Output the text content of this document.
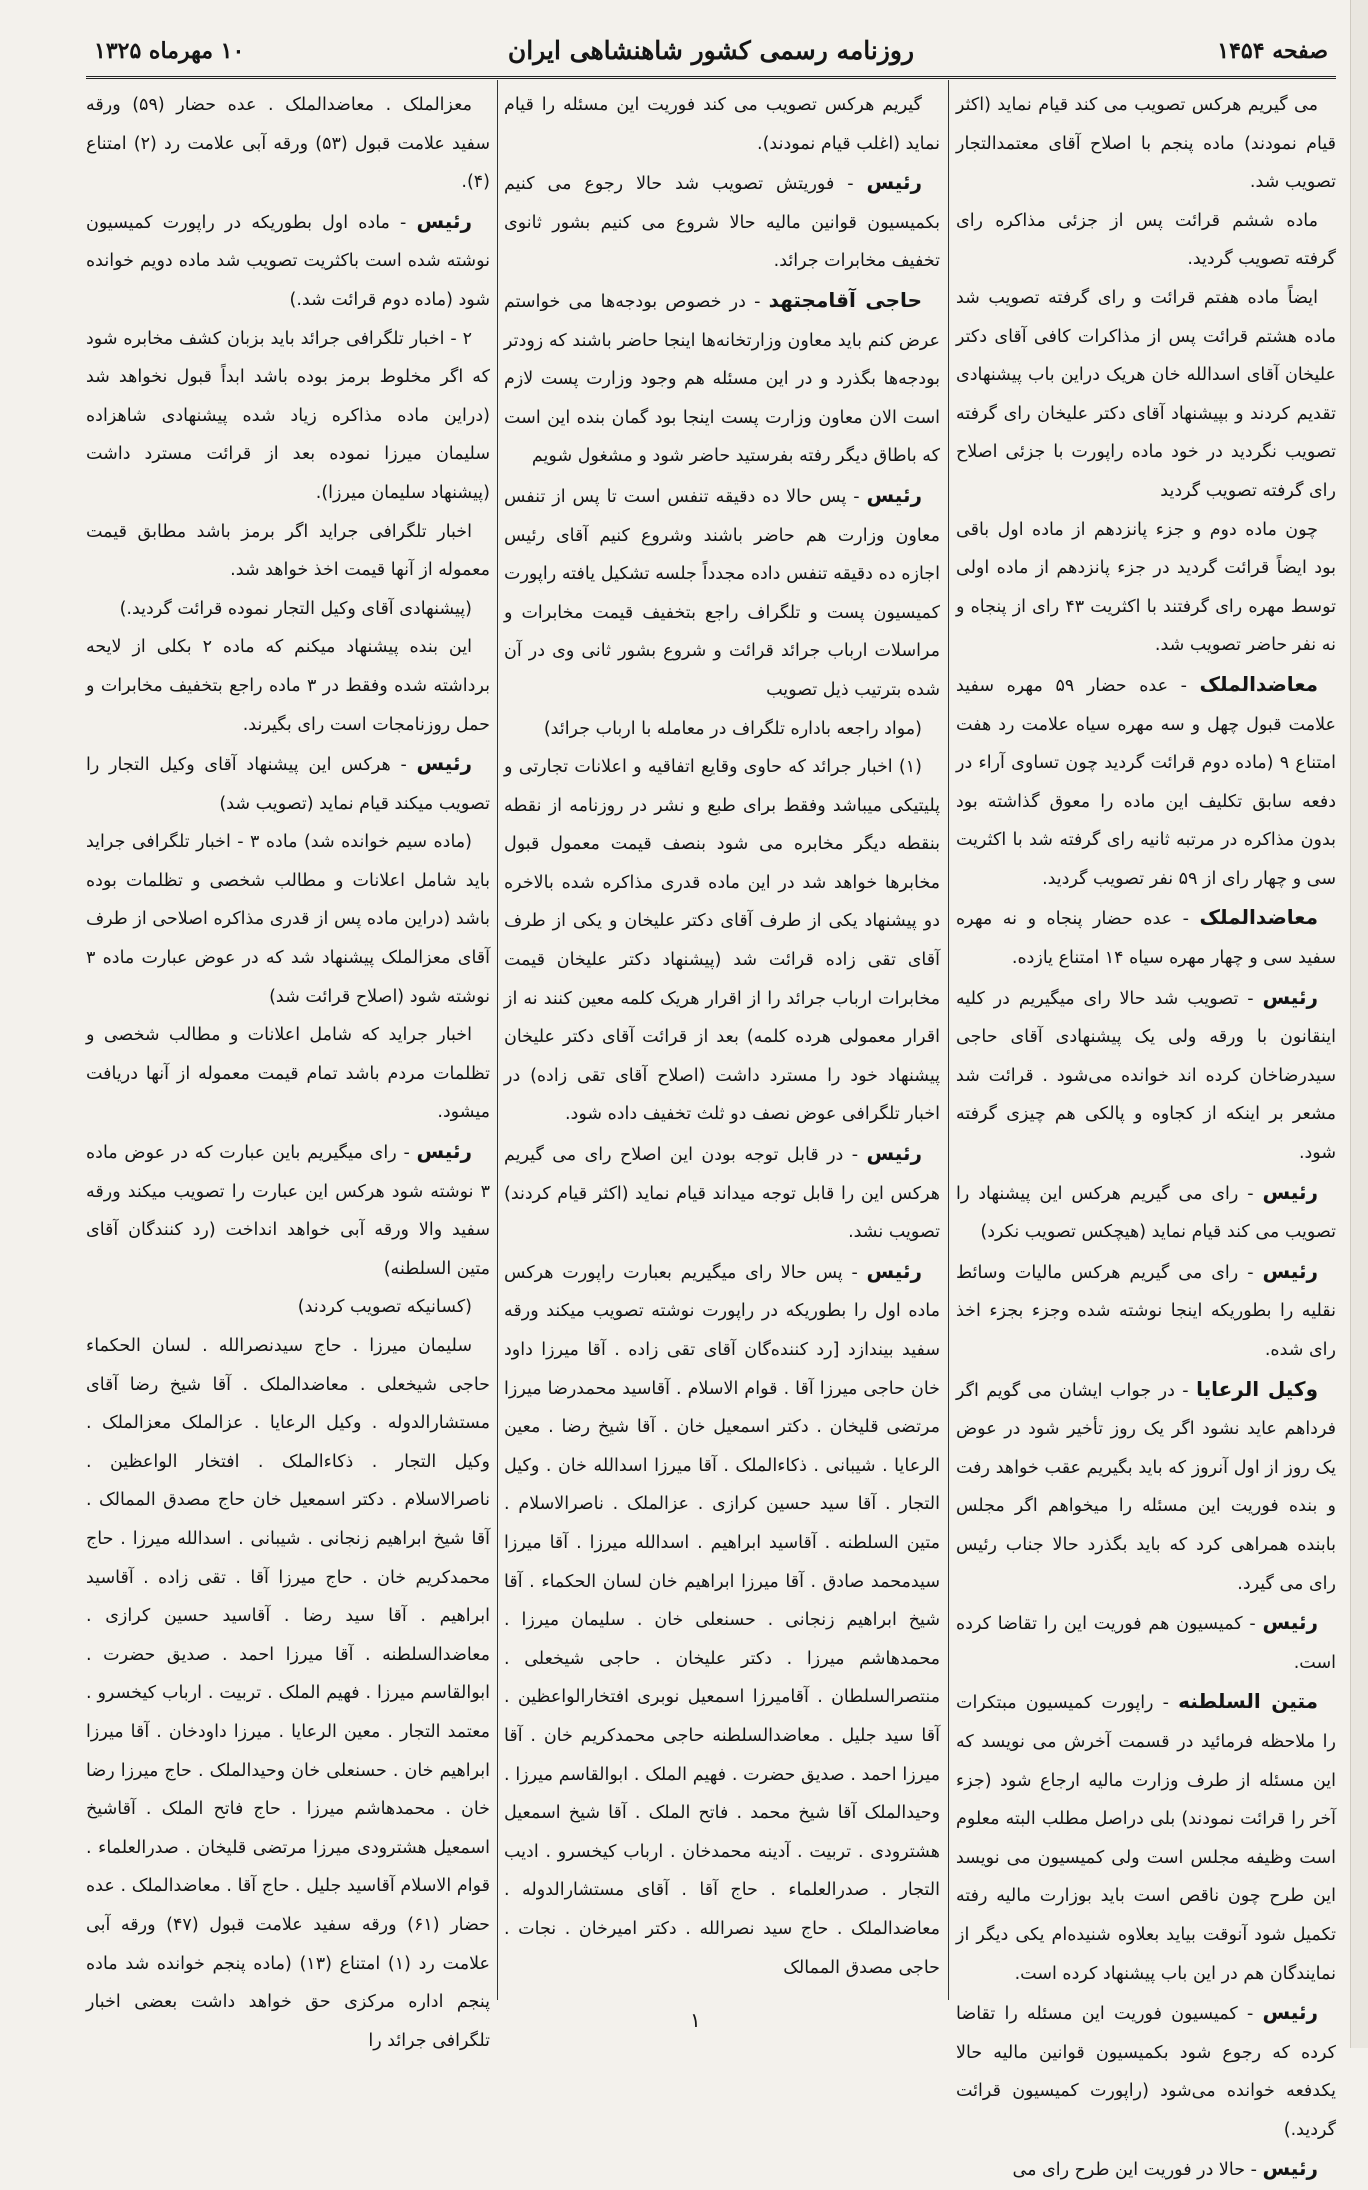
صفحه ۱۴۵۴
روزنامه رسمی کشور شاهنشاهی ایران
۱۰ مهرماه ۱۳۲۵

می گیریم هرکس تصویب می کند قیام نماید (اکثر قیام نمودند) ماده پنجم با اصلاح آقای معتمدالتجار تصویب شد.

ماده ششم قرائت پس از جزئی مذاکره رای گرفته تصویب گردید.

ایضاً ماده هفتم قرائت و رای گرفته تصویب شد ماده هشتم قرائت پس از مذاکرات کافی آقای دکتر علیخان آقای اسدالله خان هریک دراین باب پیشنهادی تقدیم کردند و بپیشنهاد آقای دکتر علیخان رای گرفته تصویب نگردید در خود ماده راپورت با جزئی اصلاح رای گرفته تصویب گردید

چون ماده دوم و جزء پانزدهم از ماده اول باقی بود ایضاً قرائت گردید در جزء پانزدهم از ماده اولی توسط مهره رای گرفتند با اکثریت ۴۳ رای از پنجاه و نه نفر حاضر تصویب شد.

معاضدالملک - عده حضار ۵۹ مهره سفید علامت قبول چهل و سه مهره سیاه علامت رد هفت امتناع ۹ (ماده دوم قرائت گردید چون تساوی آراء در دفعه سابق تکلیف این ماده را معوق گذاشته بود بدون مذاکره در مرتبه ثانیه رای گرفته شد با اکثریت سی و چهار رای از ۵۹ نفر تصویب گردید.

معاضدالملک - عده حضار پنجاه و نه مهره سفید سی و چهار مهره سیاه ۱۴ امتناع یازده.

رئیس - تصویب شد حالا رای میگیریم در کلیه اینقانون با ورقه ولی یک پیشنهادی آقای حاجی سیدرضاخان کرده اند خوانده می‌شود . قرائت شد مشعر بر اینکه از کجاوه و پالکی هم چیزی گرفته شود.

رئیس - رای می گیریم هرکس این پیشنهاد را تصویب می کند قیام نماید (هیچکس تصویب نکرد)

رئیس - رای می گیریم هرکس مالیات وسائط نقلیه را بطوریکه اینجا نوشته شده وجزء بجزء اخذ رای شده.

وکیل الرعایا - در جواب ایشان می گویم اگر فرداهم عاید نشود اگر یک روز تأخیر شود در عوض یک روز از اول آنروز که باید بگیریم عقب خواهد رفت و بنده فوریت این مسئله را میخواهم اگر مجلس بابنده همراهی کرد که باید بگذرد حالا جناب رئیس رای می گیرد.

رئیس - کمیسیون هم فوریت این را تقاضا کرده است.

متین السلطنه - راپورت کمیسیون مبتکرات را ملاحظه فرمائید در قسمت آخرش می نویسد که این مسئله از طرف وزارت مالیه ارجاع شود (جزء آخر را قرائت نمودند) بلی دراصل مطلب البته معلوم است وظیفه مجلس است ولی کمیسیون می نویسد این طرح چون ناقص است باید بوزارت مالیه رفته تکمیل شود آنوقت بیاید بعلاوه شنیده‌ام یکی دیگر از نمایندگان هم در این باب پیشنهاد کرده است.

رئیس - کمیسیون فوریت این مسئله را تقاضا کرده که رجوع شود بکمیسیون قوانین مالیه حالا یکدفعه خوانده می‌شود (راپورت کمیسیون قرائت گردید.)

رئیس - حالا در فوریت این طرح رای می

گیریم هرکس تصویب می کند فوریت این مسئله را قیام نماید (اغلب قیام نمودند).

رئیس - فوریتش تصویب شد حالا رجوع می کنیم بکمیسیون قوانین مالیه حالا شروع می کنیم بشور ثانوی تخفیف مخابرات جرائد.

حاجی آقامجتهد - در خصوص بودجه‌ها می خواستم عرض کنم باید معاون وزارتخانه‌ها اینجا حاضر باشند که زودتر بودجه‌ها بگذرد و در این مسئله هم وجود وزارت پست لازم است الان معاون وزارت پست اینجا بود گمان بنده این است که باطاق دیگر رفته بفرستید حاضر شود و مشغول شویم

رئیس - پس حالا ده دقیقه تنفس است تا پس از تنفس معاون وزارت هم حاضر باشند وشروع کنیم آقای رئیس اجازه ده دقیقه تنفس داده مجدداً جلسه تشکیل یافته راپورت کمیسیون پست و تلگراف راجع بتخفیف قیمت مخابرات و مراسلات ارباب جرائد قرائت و شروع بشور ثانی وی در آن شده بترتیب ذیل تصویب

(مواد راجعه باداره تلگراف در معامله با ارباب جرائد)

(۱) اخبار جرائد که حاوی وقایع اتفاقیه و اعلانات تجارتی و پلیتیکی میباشد وفقط برای طبع و نشر در روزنامه از نقطه بنقطه دیگر مخابره می شود بنصف قیمت معمول قبول مخابرها خواهد شد در این ماده قدری مذاکره شده بالاخره دو پیشنهاد یکی از طرف آقای دکتر علیخان و یکی از طرف آقای تقی زاده قرائت شد (پیشنهاد دکتر علیخان قیمت مخابرات ارباب جرائد را از اقرار هریک کلمه معین کنند نه از اقرار معمولی هرده کلمه) بعد از قرائت آقای دکتر علیخان پیشنهاد خود را مسترد داشت (اصلاح آقای تقی زاده) در اخبار تلگرافی عوض نصف دو ثلث تخفیف داده شود.

رئیس - در قابل توجه بودن این اصلاح رای می گیریم هرکس این را قابل توجه میداند قیام نماید (اکثر قیام کردند) تصویب نشد.

رئیس - پس حالا رای میگیریم بعبارت راپورت هرکس ماده اول را بطوریکه در راپورت نوشته تصویب میکند ورقه سفید بیندازد [رد کننده‌گان آقای تقی زاده . آقا میرزا داود خان حاجی میرزا آقا . قوام الاسلام . آقاسید محمدرضا میرزا مرتضی قلیخان . دکتر اسمعیل خان . آقا شیخ رضا . معین الرعایا . شیبانی . ذکاءالملک . آقا میرزا اسدالله خان . وکیل التجار . آقا سید حسین کرازی . عزالملک . ناصرالاسلام . متین السلطنه . آقاسید ابراهیم . اسدالله میرزا . آقا میرزا سیدمحمد صادق . آقا میرزا ابراهیم خان لسان الحکماء . آقا شیخ ابراهیم زنجانی . حسنعلی خان . سلیمان میرزا . محمدهاشم میرزا . دکتر علیخان . حاجی شیخعلی . منتصرالسلطان . آقامیرزا اسمعیل نوبری افتخارالواعظین . آقا سید جلیل . معاضدالسلطنه حاجی محمدکریم خان . آقا میرزا احمد . صدیق حضرت . فهیم الملک . ابوالقاسم میرزا . وحیدالملک آقا شیخ محمد . فاتح الملک . آقا شیخ اسمعیل هشترودی . تربیت . آدینه محمدخان . ارباب کیخسرو . ادیب التجار . صدرالعلماء . حاج آقا . آقای مستشارالدوله . معاضدالملک . حاج سید نصرالله . دکتر امیرخان . نجات . حاجی مصدق الممالک

معزالملک . معاضدالملک . عده حضار (۵۹) ورقه سفید علامت قبول (۵۳) ورقه آبی علامت رد (۲) امتناع (۴).

رئیس - ماده اول بطوریکه در راپورت کمیسیون نوشته شده است باکثریت تصویب شد ماده دویم خوانده شود (ماده دوم قرائت شد.)

۲ - اخبار تلگرافی جرائد باید بزبان کشف مخابره شود که اگر مخلوط برمز بوده باشد ابداً قبول نخواهد شد (دراین ماده مذاکره زیاد شده پیشنهادی شاهزاده سلیمان میرزا نموده بعد از قرائت مسترد داشت (پیشنهاد سلیمان میرزا).

اخبار تلگرافی جراید اگر برمز باشد مطابق قیمت معموله از آنها قیمت اخذ خواهد شد.

(پیشنهادی آقای وکیل التجار نموده قرائت گردید.)

این بنده پیشنهاد میکنم که ماده ۲ بکلی از لایحه برداشته شده وفقط در ۳ ماده راجع بتخفیف مخابرات و حمل روزنامجات است رای بگیرند.

رئیس - هرکس این پیشنهاد آقای وکیل التجار را تصویب میکند قیام نماید (تصویب شد)

(ماده سیم خوانده شد) ماده ۳ - اخبار تلگرافی جراید باید شامل اعلانات و مطالب شخصی و تظلمات بوده باشد (دراین ماده پس از قدری مذاکره اصلاحی از طرف آقای معزالملک پیشنهاد شد که در عوض عبارت ماده ۳ نوشته شود (اصلاح قرائت شد)

اخبار جراید که شامل اعلانات و مطالب شخصی و تظلمات مردم باشد تمام قیمت معموله از آنها دریافت میشود.

رئیس - رای میگیریم باین عبارت که در عوض ماده ۳ نوشته شود هرکس این عبارت را تصویب میکند ورقه سفید والا ورقه آبی خواهد انداخت (رد کنندگان آقای متین السلطنه)

(کسانیکه تصویب کردند)

سلیمان میرزا . حاج سیدنصرالله . لسان الحکماء حاجی شیخعلی . معاضدالملک . آقا شیخ رضا آقای مستشارالدوله . وکیل الرعایا . عزالملک معزالملک . وکیل التجار . ذکاءالملک . افتخار الواعظین . ناصرالاسلام . دکتر اسمعیل خان حاج مصدق الممالک . آقا شیخ ابراهیم زنجانی . شیبانی . اسدالله میرزا . حاج محمدکریم خان . حاج میرزا آقا . تقی زاده . آقاسید ابراهیم . آقا سید رضا . آقاسید حسین کرازی . معاضدالسلطنه . آقا میرزا احمد . صدیق حضرت . ابوالقاسم میرزا . فهیم الملک . تربیت . ارباب کیخسرو . معتمد التجار . معین الرعایا . میرزا داودخان . آقا میرزا ابراهیم خان . حسنعلی خان وحیدالملک . حاج میرزا رضا خان . محمدهاشم میرزا . حاج فاتح الملک . آقاشیخ اسمعیل هشترودی میرزا مرتضی قلیخان . صدرالعلماء . قوام الاسلام آقاسید جلیل . حاج آقا . معاضدالملک . عده حضار (۶۱) ورقه سفید علامت قبول (۴۷) ورقه آبی علامت رد (۱) امتناع (۱۳) (ماده پنجم خوانده شد ماده پنجم اداره مرکزی حق خواهد داشت بعضی اخبار تلگرافی جرائد را

۱
